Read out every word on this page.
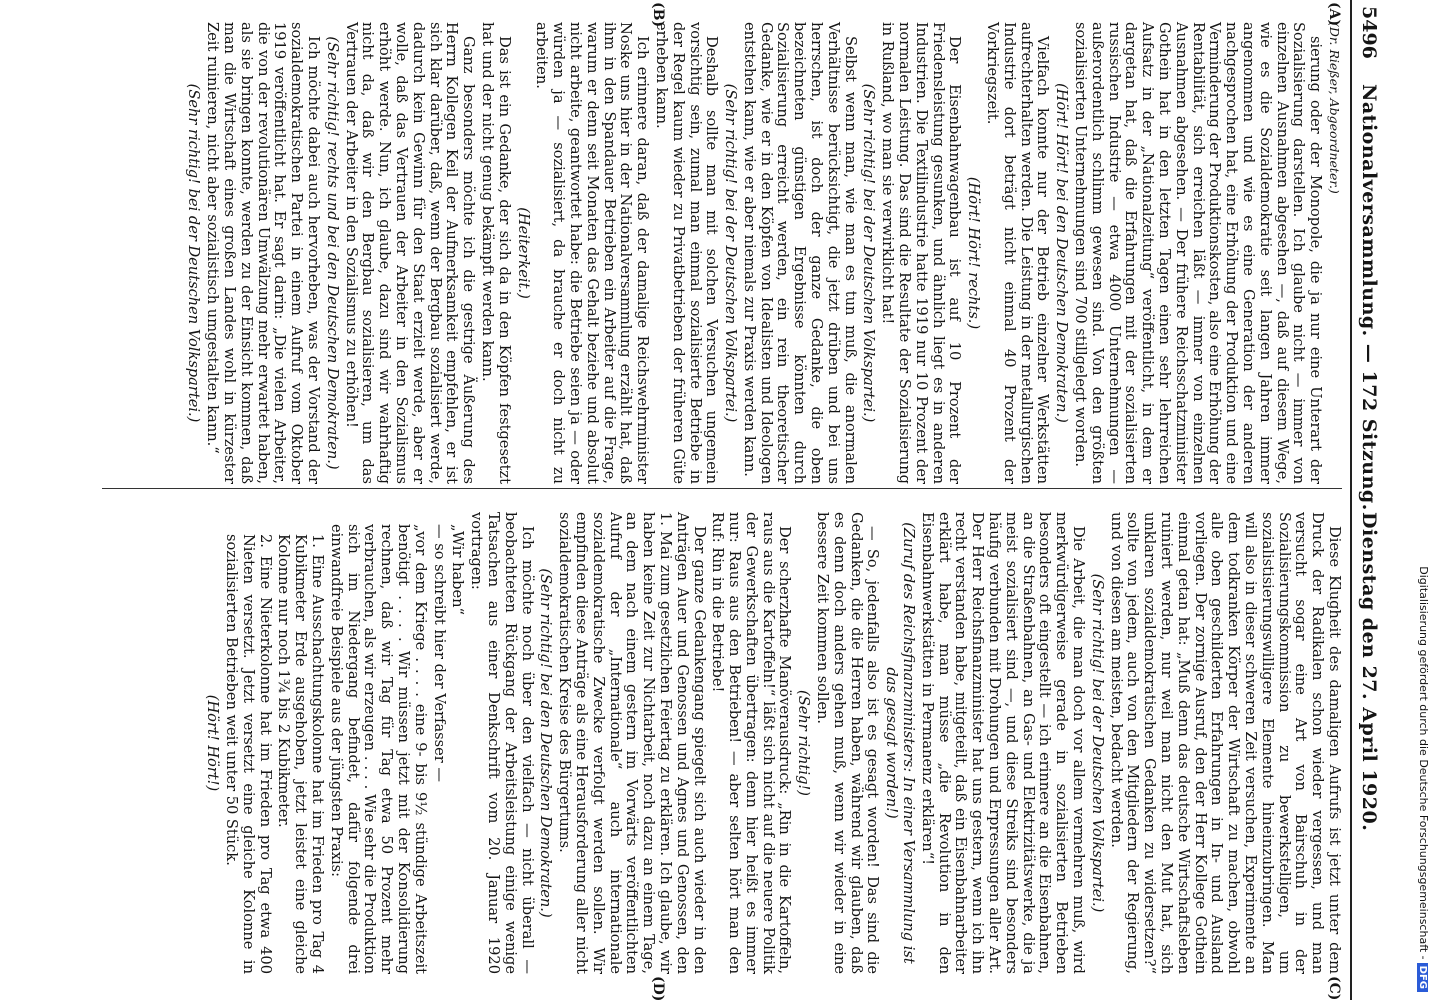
5496
Nationalversammlung. — 172 Sitzung.
Dienstag den 27. April 1920.
(A)
(B)
(C)
(D)

(Dr. Rießer, Abgeordneter.)

sierung oder der Monopole, die ja nur eine Unterart der Sozialisierung darstellen. Ich glaube nicht — immer von einzelnen Ausnahmen abgesehen —, daß auf diesem Wege, wie es die Sozialdemokratie seit langen Jahren immer angenommen und wie es eine Generation der anderen nachgesprochen hat, eine Erhöhung der Produktion und eine Verminderung der Produktionskosten, also eine Erhöhung der Rentabilität, sich erreichen läßt — immer von einzelnen Ausnahmen abgesehen. — Der frühere Reichsschatzminister Gothein hat in den letzten Tagen einen sehr lehrreichen Aufsatz in der „Nationalzeitung“ veröffentlicht, in dem er dargetan hat, daß die Erfahrungen mit der sozialisierten russischen Industrie — etwa 4000 Unternehmungen — außerordentlich schlimm gewesen sind. Von den größten sozialisierten Unternehmungen sind 700 stillgelegt worden.

(Hört! Hört! bei den Deutschen Demokraten.)

Vielfach konnte nur der Betrieb einzelner Werkstätten aufrechterhalten werden. Die Leistung in der metallurgischen Industrie dort beträgt nicht einmal 40 Prozent der Vorkriegszeit.

(Hört! Hört! rechts.)

Der Eisenbahnwagenbau ist auf 10 Prozent der Friedensleistung gesunken, und ähnlich liegt es in anderen Industrien. Die Textilindustrie hatte 1919 nur 10 Prozent der normalen Leistung. Das sind die Resultate der Sozialisierung in Rußland, wo man sie verwirklicht hat!

(Sehr richtig! bei der Deutschen Volkspartei.)

Selbst wenn man, wie man es tun muß, die anormalen Verhältnisse berücksichtigt, die jetzt drüben und bei uns herrschen, ist doch der ganze Gedanke, die oben bezeichneten günstigen Ergebnisse könnten durch Sozialisierung erreicht werden, ein rein theoretischer Gedanke, wie er in den Köpfen von Idealisten und Ideologen entstehen kann, wie er aber niemals zur Praxis werden kann.

(Sehr richtig! bei der Deutschen Volkspartei.)

Deshalb sollte man mit solchen Versuchen ungemein vorsichtig sein, zumal man einmal sozialisierte Betriebe in der Regel kaum wieder zu Privatbetrieben der früheren Güte erheben kann.

Ich erinnere daran, daß der damalige Reichswehrminister Noske uns hier in der Nationalversammlung erzählt hat, daß ihm in den Spandauer Betrieben ein Arbeiter auf die Frage, warum er denn seit Monaten das Gehalt beziehe und absolut nicht arbeite, geantwortet habe: die Betriebe seien ja — oder würden ja — sozialisiert, da brauche er doch nicht zu arbeiten.

(Heiterkeit.)

Das ist ein Gedanke, der sich da in den Köpfen festgesetzt hat und der nicht genug bekämpft werden kann.

Ganz besonders möchte ich die gestrige Äußerung des Herrn Kollegen Keil der Aufmerksamkeit empfehlen, er ist sich klar darüber, daß, wenn der Bergbau sozialisiert werde, dadurch kein Gewinn für den Staat erzielt werde, aber er wolle, daß das Vertrauen der Arbeiter in den Sozialismus erhöht werde. Nun, ich glaube, dazu sind wir wahrhaftig nicht da, daß wir den Bergbau sozialisieren, um das Vertrauen der Arbeiter in den Sozialismus zu erhöhen!

(Sehr richtig! rechts und bei den Deutschen Demokraten.)

Ich möchte dabei auch hervorheben, was der Vorstand der sozialdemokratischen Partei in einem Aufruf vom Oktober 1919 veröffentlicht hat. Er sagt darin: „Die vielen Arbeiter, die von der revolutionären Umwälzung mehr erwartet haben, als sie bringen konnte, werden zu der Einsicht kommen, daß man die Wirtschaft eines großen Landes wohl in kürzester Zeit ruinieren, nicht aber sozialistisch umgestalten kann.“

(Sehr richtig! bei der Deutschen Volkspartei.)

Diese Klugheit des damaligen Aufrufs ist jetzt unter dem Druck der Radikalen schon wieder vergessen, und man versucht sogar eine Art von Bairschuh in der Sozialisierungskommission zu bewerkstelligen, um sozialistisierungswilligere Elemente hineinzubringen. Man will also in dieser schweren Zeit versuchen, Experimente an dem todkranken Körper der Wirtschaft zu machen, obwohl alle oben geschilderten Erfahrungen in In- und Ausland vorliegen. Der zornige Ausruf, den der Herr Kollege Gothein einmal getan hat: „Muß denn das deutsche Wirtschaftsleben ruiniert werden, nur weil man nicht den Mut hat, sich unklaren sozialdemokratischen Gedanken zu widersetzen?“ sollte von jedem, auch von den Mitgliedern der Regierung, und von diesen am meisten, bedacht werden.

(Sehr richtig! bei der Deutschen Volkspartei.)

Die Arbeit, die man doch vor allem vermehren muß, wird merkwürdigerweise gerade in sozialisierten Betrieben besonders oft eingestellt — ich erinnere an die Eisenbahnen, an die Straßenbahnen, an Gas- und Elektrizitätswerke, die ja meist sozialisiert sind —, und diese Streiks sind besonders häufig verbunden mit Drohungen und Erpressungen aller Art. Der Herr Reichsfinanzminister hat uns gestern, wenn ich ihn recht verstanden habe, mitgeteilt, daß ein Eisenbahnarbeiter erklärt habe, man müsse „die Revolution in den Eisenbahnwerkstätten in Permanenz erklären“!

(Zuruf des Reichsfinanzministers: In einer Versammlung ist das gesagt worden!)

— So, jedenfalls also ist es gesagt worden! Das sind die Gedanken, die die Herren haben, während wir glauben, daß es denn doch anders gehen muß, wenn wir wieder in eine bessere Zeit kommen sollen.

(Sehr richtig!)

Der scherzhafte Manöverausdruck: „Rin in die Kartoffeln, raus aus die Kartoffeln!“ läßt sich nicht auf die neuere Politik der Gewerkschaften übertragen: denn hier heißt es immer nur: Raus aus den Betrieben! — aber selten hört man den Ruf: Rin in die Betriebe!

Der ganze Gedankengang spiegelt sich auch wieder in den Anträgen Auer und Genossen und Agnes und Genossen, den 1. Mai zum gesetzlichen Feiertag zu erklären. Ich glaube, wir haben keine Zeit zur Nichtarbeit, noch dazu an einem Tage, an dem nach einem gestern im Vorwärts veröffentlichten Aufruf der „Internationale“ auch internationale sozialdemokratische Zwecke verfolgt werden sollen. Wir empfinden diese Anträge als eine Herausforderung aller nicht sozialdemokratischen Kreise des Bürgertums.

(Sehr richtig! bei den Deutschen Demokraten.)

Ich möchte noch über den vielfach — nicht überall — beobachteten Rückgang der Arbeitsleistung einige wenige Tatsachen aus einer Denkschrift vom 20. Januar 1920 vortragen:

„Wir haben“

— so schreibt hier der Verfasser —

„vor dem Kriege . . . . eine 9- bis 9½ stündige Arbeitszeit benötigt . . . . Wir müssen jetzt mit der Konsolidierung rechnen, daß wir Tag für Tag etwa 50 Prozent mehr verbrauchen, als wir erzeugen . . . . Wie sehr die Produktion sich im Niedergang befindet, dafür folgende drei einwandfreie Beispiele aus der jüngsten Praxis:

1. Eine Ausschachtungskolonne hat im Frieden pro Tag 4 Kubikmeter Erde ausgehoben, jetzt leistet eine gleiche Kolonne nur noch 1¾ bis 2 Kubikmeter.

2. Eine Nieterkolonne hat im Frieden pro Tag etwa 400 Nieten versetzt. Jetzt versetzt eine gleiche Kolonne in sozialisierten Betrieben weit unter 50 Stück.

(Hört! Hört!)	Digitalisierung gefördert durch die Deutsche Forschungsgemeinschaft -DFG
